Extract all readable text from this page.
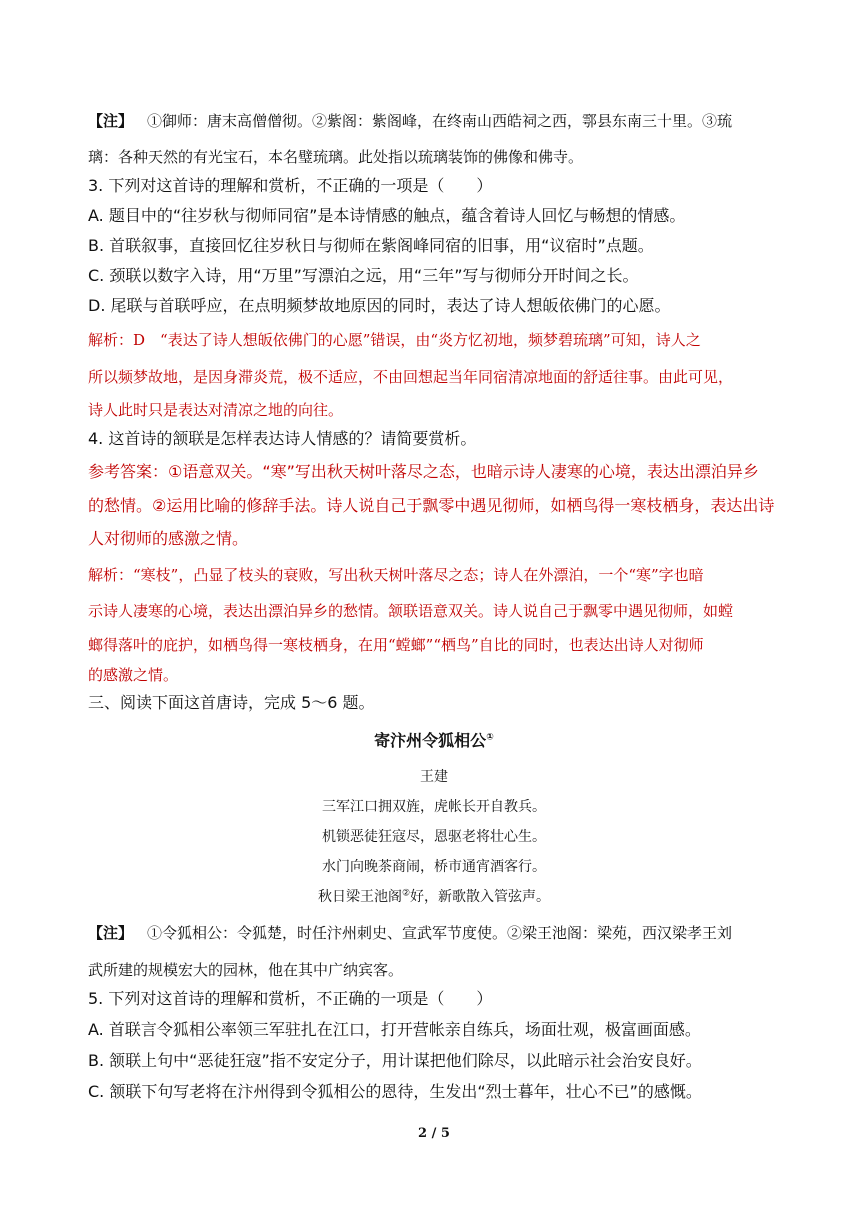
【注】 ①御师：唐末高僧僧彻。②紫阁：紫阁峰，在终南山西皓祠之西，鄠县东南三十里。③琉
璃：各种天然的有光宝石，本名璧琉璃。此处指以琉璃装饰的佛像和佛寺。
3. 下列对这首诗的理解和赏析，不正确的一项是（　　）
A. 题目中的“往岁秋与彻师同宿”是本诗情感的触点，蕴含着诗人回忆与畅想的情感。
B. 首联叙事，直接回忆往岁秋日与彻师在紫阁峰同宿的旧事，用“议宿时”点题。
C. 颈联以数字入诗，用“万里”写漂泊之远，用“三年”写与彻师分开时间之长。
D. 尾联与首联呼应，在点明频梦故地原因的同时，表达了诗人想皈依佛门的心愿。
解析：D　“表达了诗人想皈依佛门的心愿”错误，由“炎方忆初地，频梦碧琉璃”可知，诗人之
所以频梦故地，是因身滞炎荒，极不适应，不由回想起当年同宿清凉地面的舒适往事。由此可见，
诗人此时只是表达对清凉之地的向往。
4. 这首诗的颔联是怎样表达诗人情感的？请简要赏析。
参考答案：①语意双关。“寒”写出秋天树叶落尽之态，也暗示诗人凄寒的心境，表达出漂泊异乡
的愁情。②运用比喻的修辞手法。诗人说自己于飘零中遇见彻师，如栖鸟得一寒枝栖身，表达出诗
人对彻师的感激之情。
解析：“寒枝”，凸显了枝头的衰败，写出秋天树叶落尽之态；诗人在外漂泊，一个“寒”字也暗
示诗人凄寒的心境，表达出漂泊异乡的愁情。颔联语意双关。诗人说自己于飘零中遇见彻师，如螳
螂得落叶的庇护，如栖鸟得一寒枝栖身，在用“螳螂”“栖鸟”自比的同时，也表达出诗人对彻师
的感激之情。
三、阅读下面这首唐诗，完成 5～6 题。
寄汴州令狐相公①
王建
三军江口拥双旌，虎帐长开自教兵。
机锁恶徒狂寇尽，恩驱老将壮心生。
水门向晚茶商闹，桥市通宵酒客行。
秋日梁王池阁②好，新歌散入管弦声。
【注】 ①令狐相公：令狐楚，时任汴州刺史、宣武军节度使。②梁王池阁：梁苑，西汉梁孝王刘
武所建的规模宏大的园林，他在其中广纳宾客。
5. 下列对这首诗的理解和赏析，不正确的一项是（　　）
A. 首联言令狐相公率领三军驻扎在江口，打开营帐亲自练兵，场面壮观，极富画面感。
B. 颔联上句中“恶徒狂寇”指不安定分子，用计谋把他们除尽，以此暗示社会治安良好。
C. 颔联下句写老将在汴州得到令狐相公的恩待，生发出“烈士暮年，壮心不已”的感慨。
2 / 5
